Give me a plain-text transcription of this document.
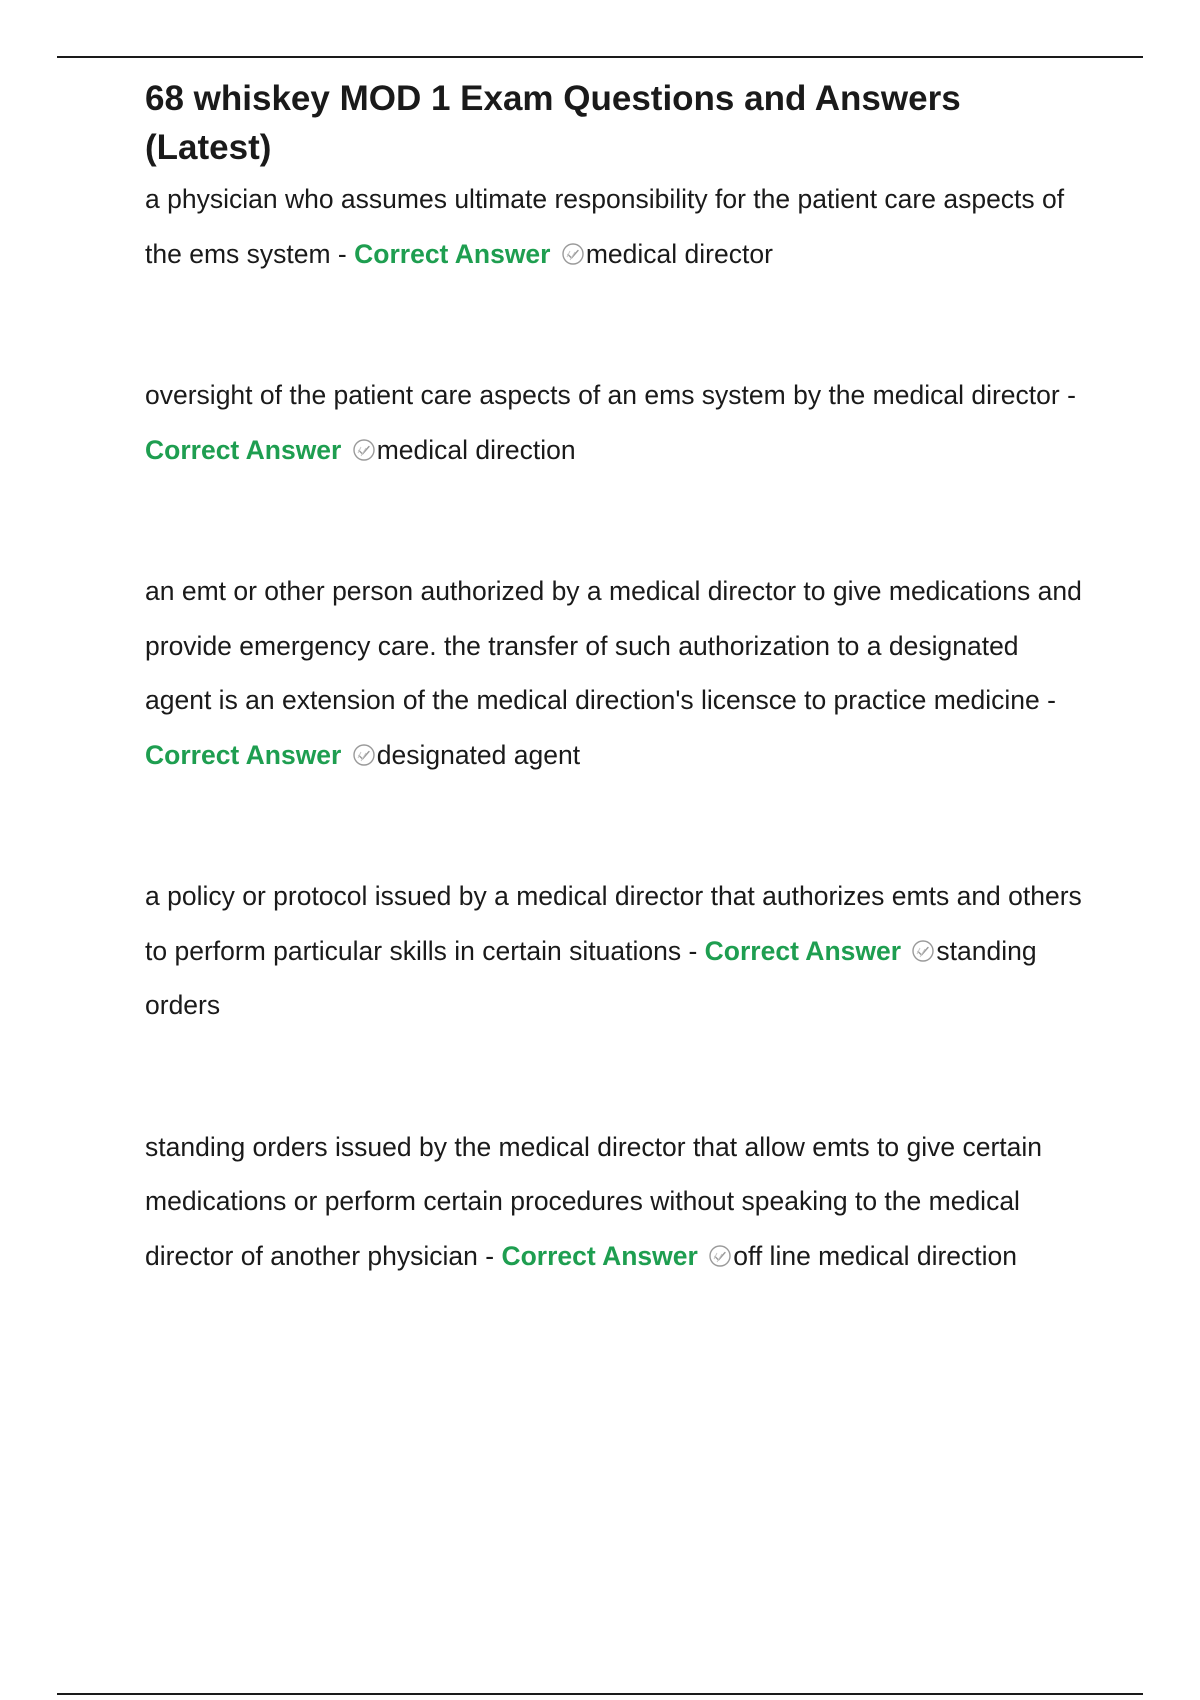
68 whiskey MOD 1 Exam Questions and Answers (Latest)

a physician who assumes ultimate responsibility for the patient care aspects of the ems system - Correct Answer medical director

oversight of the patient care aspects of an ems system by the medical director - Correct Answer medical direction

an emt or other person authorized by a medical director to give medications and provide emergency care. the transfer of such authorization to a designated agent is an extension of the medical direction's licensce to practice medicine - Correct Answer designated agent

a policy or protocol issued by a medical director that authorizes emts and others to perform particular skills in certain situations - Correct Answer standing orders

standing orders issued by the medical director that allow emts to give certain medications or perform certain procedures without speaking to the medical director of another physician - Correct Answer off line medical direction
